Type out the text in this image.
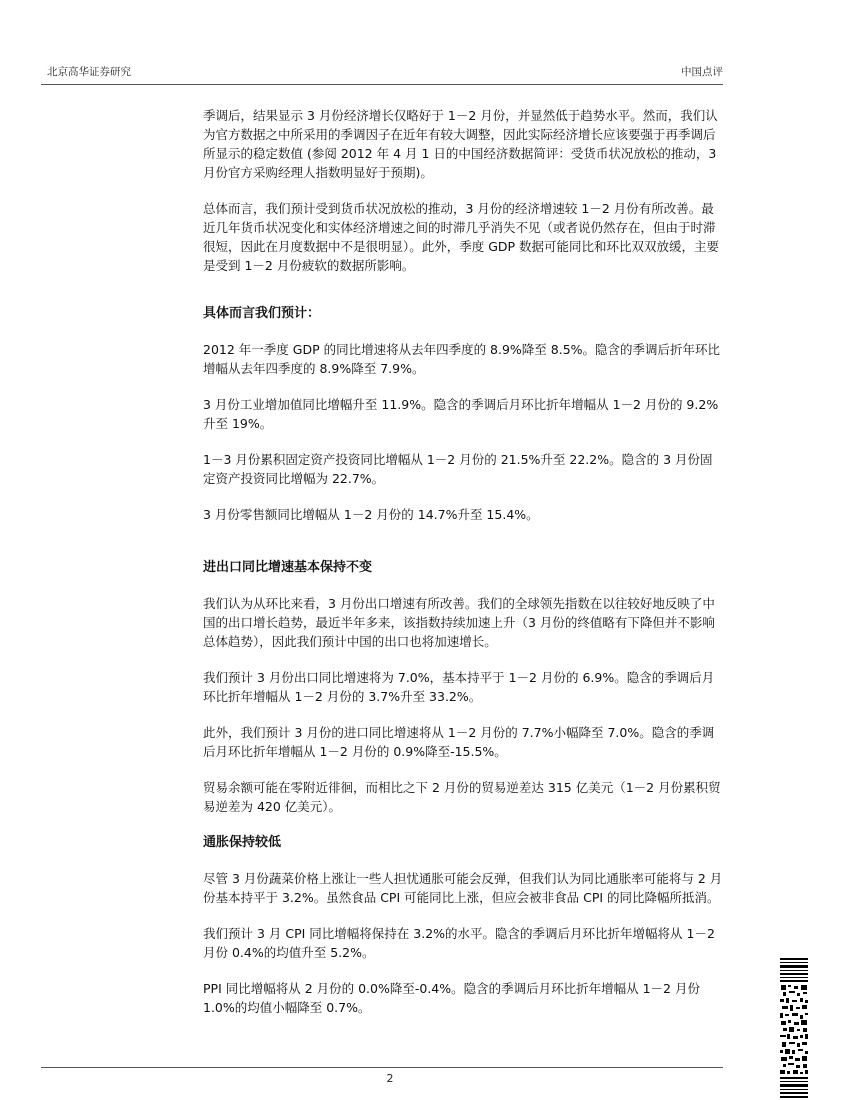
北京高华证券研究	中国点评

季调后，结果显示 3 月份经济增长仅略好于 1－2 月份，并显然低于趋势水平。然而，我们认为官方数据之中所采用的季调因子在近年有较大调整，因此实际经济增长应该要强于再季调后所显示的稳定数值 (参阅 2012 年 4 月 1 日的中国经济数据简评：受货币状况放松的推动，3 月份官方采购经理人指数明显好于预期)。

总体而言，我们预计受到货币状况放松的推动，3 月份的经济增速较 1－2 月份有所改善。最近几年货币状况变化和实体经济增速之间的时滞几乎消失不见（或者说仍然存在，但由于时滞很短，因此在月度数据中不是很明显）。此外，季度 GDP 数据可能同比和环比双双放缓，主要是受到 1－2 月份疲软的数据所影响。

具体而言我们预计：

2012 年一季度 GDP 的同比增速将从去年四季度的 8.9%降至 8.5%。隐含的季调后折年环比增幅从去年四季度的 8.9%降至 7.9%。

3 月份工业增加值同比增幅升至 11.9%。隐含的季调后月环比折年增幅从 1－2 月份的 9.2%升至 19%。

1－3 月份累积固定资产投资同比增幅从 1－2 月份的 21.5%升至 22.2%。隐含的 3 月份固定资产投资同比增幅为 22.7%。

3 月份零售额同比增幅从 1－2 月份的 14.7%升至 15.4%。

进出口同比增速基本保持不变

我们认为从环比来看，3 月份出口增速有所改善。我们的全球领先指数在以往较好地反映了中国的出口增长趋势，最近半年多来，该指数持续加速上升（3 月份的终值略有下降但并不影响总体趋势），因此我们预计中国的出口也将加速增长。

我们预计 3 月份出口同比增速将为 7.0%，基本持平于 1－2 月份的 6.9%。隐含的季调后月环比折年增幅从 1－2 月份的 3.7%升至 33.2%。

此外，我们预计 3 月份的进口同比增速将从 1－2 月份的 7.7%小幅降至 7.0%。隐含的季调后月环比折年增幅从 1－2 月份的 0.9%降至-15.5%。

贸易余额可能在零附近徘徊，而相比之下 2 月份的贸易逆差达 315 亿美元（1－2 月份累积贸易逆差为 420 亿美元）。

通胀保持较低

尽管 3 月份蔬菜价格上涨让一些人担忧通胀可能会反弹，但我们认为同比通胀率可能将与 2 月份基本持平于 3.2%。虽然食品 CPI 可能同比上涨，但应会被非食品 CPI 的同比降幅所抵消。

我们预计 3 月 CPI 同比增幅将保持在 3.2%的水平。隐含的季调后月环比折年增幅将从 1－2 月份 0.4%的均值升至 5.2%。

PPI 同比增幅将从 2 月份的 0.0%降至-0.4%。隐含的季调后月环比折年增幅从 1－2 月份 1.0%的均值小幅降至 0.7%。

2
